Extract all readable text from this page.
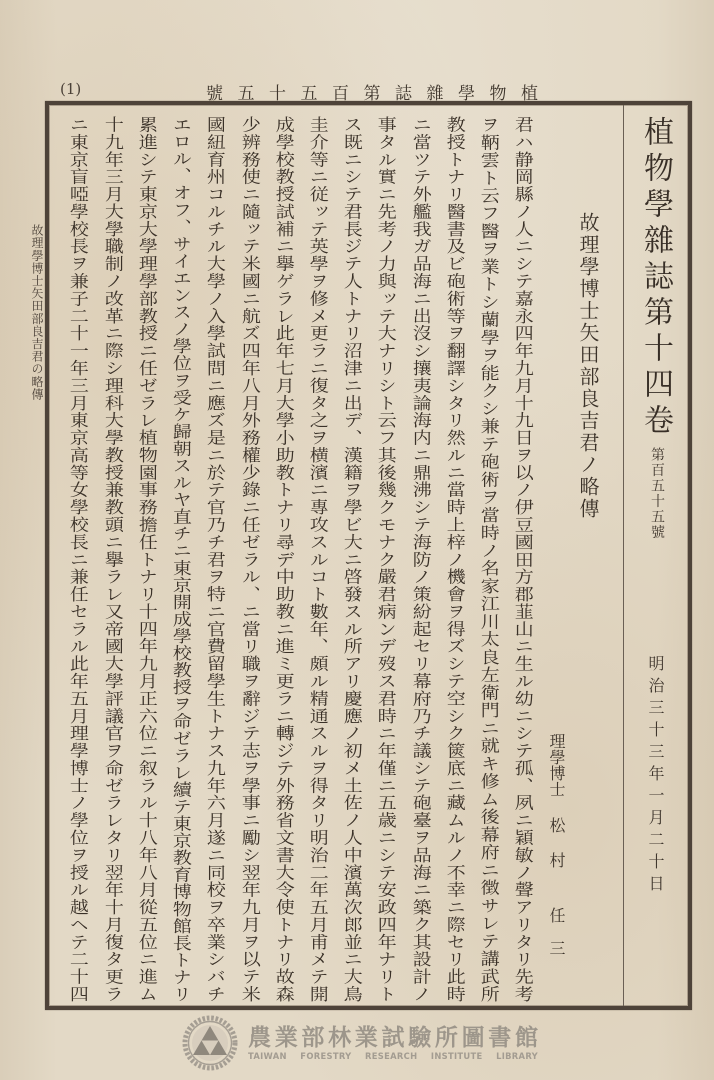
(1)	植物學雜誌第百五十五號
故理學博士矢田部良吉君の略傳	植物學雜誌第十四卷
第百五十五號
明治三十三年一月二十日
故理學博士矢田部良吉君ノ略傳
理學博士
松村
任三
君ハ静岡縣ノ人ニシテ嘉永四年九月十九日ヲ以ノ伊豆國田方郡韮山ニ生ル幼ニシテ孤、夙ニ穎敏ノ聲アリタリ先考
ヲ鞆雲ト云フ醫ヲ業トシ蘭學ヲ能クシ兼テ砲術ヲ當時ノ名家江川太良左衛門ニ就キ修ム後幕府ニ徴サレテ講武所
教授トナリ醫書及ビ砲術等ヲ翻譯シタリ然ルニ當時上梓ノ機會ヲ得ズシテ空シク篋底ニ藏ムルノ不幸ニ際セリ此時
ニ當ツテ外艦我ガ品海ニ出沒シ攘夷論海内ニ鼎沸シテ海防ノ策紛起セリ幕府乃チ議シテ砲臺ヲ品海ニ築ク其設計ノ
事タル實ニ先考ノ力與ッテ大ナリシト云フ其後幾クモナク嚴君病ンデ歿ス君時ニ年僅ニ五歳ニシテ安政四年ナリト
ス既ニシテ君長ジテ人トナリ沼津ニ出デ、漢籍ヲ學ビ大ニ啓發スル所アリ慶應ノ初メ土佐ノ人中濱萬次郎並ニ大鳥
圭介等ニ従ッテ英學ヲ修メ更ラニ復タ之ヲ横濱ニ專攻スルコト數年、頗ル精通スルヲ得タリ明治二年五月甫メテ開
成學校教授試補ニ擧ゲラレ此年七月大學小助教トナリ尋デ中助教ニ進ミ更ラニ轉ジテ外務省文書大令使トナリ故森
少辨務使ニ隨ッテ米國ニ航ズ四年八月外務權少錄ニ任ゼラル、ニ當リ職ヲ辭ジテ志ヲ學事ニ勵シ翌年九月ヲ以テ米
國紐育州コルチル大學ノ入學試問ニ應ズ是ニ於テ官乃チ君ヲ特ニ官費留學生トナス九年六月遂ニ同校ヲ卒業シバチ
エロル、オフ、サイエンスノ學位ヲ受ケ歸朝スルヤ直チニ東京開成學校教授ヲ命ゼラレ續テ東京教育博物館長トナリ
累進シテ東京大學理學部教授ニ任ゼラレ植物園事務擔任トナリ十四年九月正六位ニ叙ラル十八年八月從五位ニ進ム
十九年三月大學職制ノ改革ニ際シ理科大學教授兼教頭ニ擧ラレ又帝國大學評議官ヲ命ゼラレタリ翌年十月復タ更ラ
ニ東京盲啞學校長ヲ兼子二十一年三月東京高等女學校長ニ兼任セラル此年五月理學博士ノ學位ヲ授ル越ヘテ二十四
農業部林業試驗所圖書館
TAIWAN FORESTRY RESEARCH INSTITUTE LIBRARY
